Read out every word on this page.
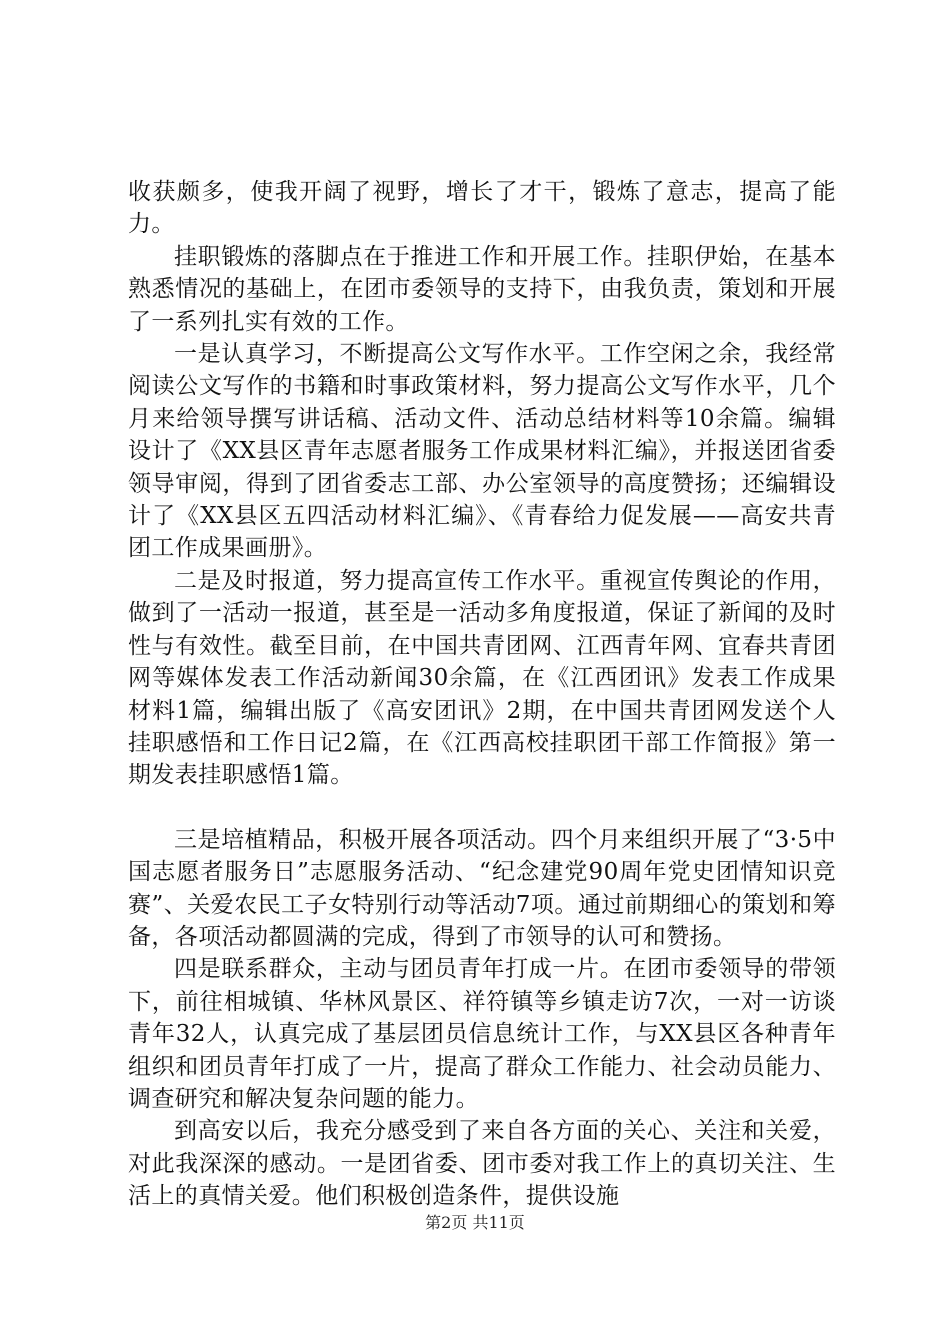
收获颇多，使我开阔了视野，增长了才干，锻炼了意志，提高了能力。

挂职锻炼的落脚点在于推进工作和开展工作。挂职伊始，在基本熟悉情况的基础上，在团市委领导的支持下，由我负责，策划和开展了一系列扎实有效的工作。

一是认真学习，不断提高公文写作水平。工作空闲之余，我经常阅读公文写作的书籍和时事政策材料，努力提高公文写作水平，几个月来给领导撰写讲话稿、活动文件、活动总结材料等10余篇。编辑设计了《XX县区青年志愿者服务工作成果材料汇编》，并报送团省委领导审阅，得到了团省委志工部、办公室领导的高度赞扬；还编辑设计了《XX县区五四活动材料汇编》、《青春给力促发展——高安共青团工作成果画册》。

二是及时报道，努力提高宣传工作水平。重视宣传舆论的作用，做到了一活动一报道，甚至是一活动多角度报道，保证了新闻的及时性与有效性。截至目前，在中国共青团网、江西青年网、宜春共青团网等媒体发表工作活动新闻30余篇，在《江西团讯》发表工作成果材料1篇，编辑出版了《高安团讯》2期，在中国共青团网发送个人挂职感悟和工作日记2篇，在《江西高校挂职团干部工作简报》第一期发表挂职感悟1篇。

三是培植精品，积极开展各项活动。四个月来组织开展了“3·5中国志愿者服务日”志愿服务活动、“纪念建党90周年党史团情知识竞赛”、关爱农民工子女特别行动等活动7项。通过前期细心的策划和筹备，各项活动都圆满的完成，得到了市领导的认可和赞扬。

四是联系群众，主动与团员青年打成一片。在团市委领导的带领下，前往相城镇、华林风景区、祥符镇等乡镇走访7次，一对一访谈青年32人，认真完成了基层团员信息统计工作，与XX县区各种青年组织和团员青年打成了一片，提高了群众工作能力、社会动员能力、调查研究和解决复杂问题的能力。

到高安以后，我充分感受到了来自各方面的关心、关注和关爱，对此我深深的感动。一是团省委、团市委对我工作上的真切关注、生活上的真情关爱。他们积极创造条件，提供设施

第2页 共11页
